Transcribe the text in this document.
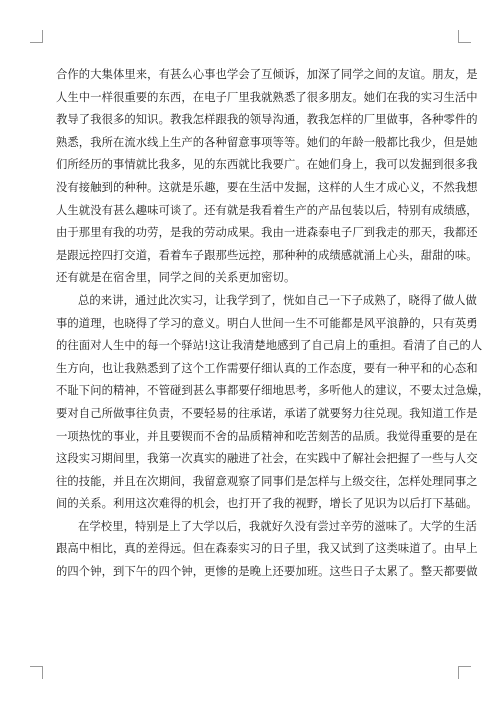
合作的大集体里来，有甚么心事也学会了互倾诉，加深了同学之间的友谊。朋友，是
人生中一样很重要的东西，在电子厂里我就熟悉了很多朋友。她们在我的实习生活中
教导了我很多的知识。教我怎样跟我的领导沟通，教我怎样的厂里做事，各种零件的
熟悉，我所在流水线上生产的各种留意事项等等。她们的年龄一般都比我少，但是她
们所经历的事情就比我多，见的东西就比我要广。在她们身上，我可以发掘到很多我
没有接触到的种种。这就是乐趣，要在生活中发掘，这样的人生才成心义，不然我想
人生就没有甚么趣味可谈了。还有就是我看着生产的产品包装以后，特别有成绩感，
由于那里有我的功劳，是我的劳动成果。我由一进森泰电子厂到我走的那天，我都还
是跟远控四打交道，看着车子跟那些远控，那种种的成绩感就涌上心头，甜甜的味。
还有就是在宿舍里，同学之间的关系更加密切。
总的来讲，通过此次实习，让我学到了，恍如自己一下子成熟了，晓得了做人做
事的道理，也晓得了学习的意义。明白人世间一生不可能都是风平浪静的，只有英勇
的往面对人生中的每一个驿站!这让我清楚地感到了自己肩上的重担。看清了自己的人
生方向，也让我熟悉到了这个工作需要仔细认真的工作态度，要有一种平和的心态和
不耻下问的精神，不管碰到甚么事都要仔细地思考，多听他人的建议，不要太过急燥，
要对自己所做事往负责，不要轻易的往承诺，承诺了就要努力往兑现。我知道工作是
一项热忱的事业，并且要锲而不舍的品质精神和吃苦刻苦的品质。我觉得重要的是在
这段实习期间里，我第一次真实的融进了社会，在实践中了解社会把握了一些与人交
往的技能，并且在次期间，我留意观察了同事们是怎样与上级交往，怎样处理同事之
间的关系。利用这次难得的机会，也打开了我的视野，增长了见识为以后打下基础。
在学校里，特别是上了大学以后，我就好久没有尝过辛劳的滋味了。大学的生活
跟高中相比，真的差得远。但在森泰实习的日子里，我又试到了这类味道了。由早上
的四个钟，到下午的四个钟，更惨的是晚上还要加班。这些日子太累了。整天都要做
